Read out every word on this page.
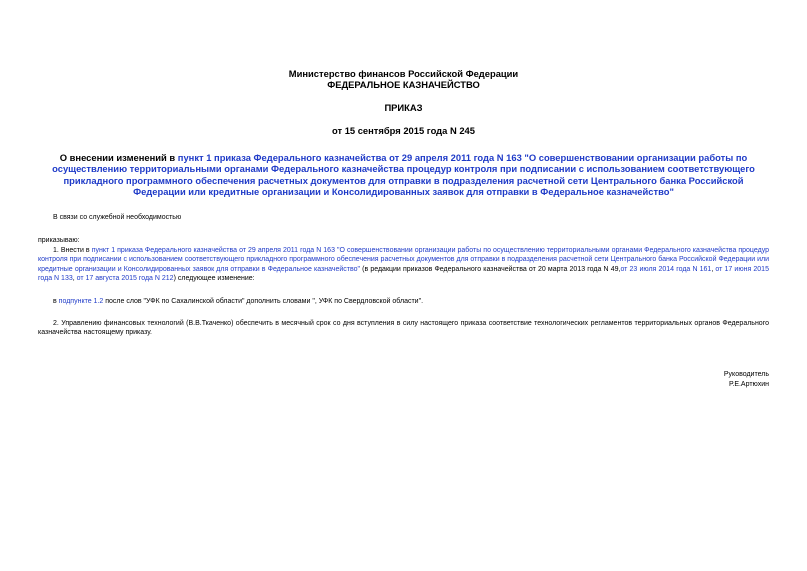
Министерство финансов Российской Федерации
ФЕДЕРАЛЬНОЕ КАЗНАЧЕЙСТВО
ПРИКАЗ
от 15 сентября 2015 года N 245
О внесении изменений в пункт 1 приказа Федерального казначейства от 29 апреля 2011 года N 163 "О совершенствовании организации работы по осуществлению территориальными органами Федерального казначейства процедур контроля при подписании с использованием соответствующего прикладного программного обеспечения расчетных документов для отправки в подразделения расчетной сети Центрального банка Российской Федерации или кредитные организации и Консолидированных заявок для отправки в Федеральное казначейство"
В связи со служебной необходимостью
приказываю:
1. Внести в пункт 1 приказа Федерального казначейства от 29 апреля 2011 года N 163 "О совершенствовании организации работы по осуществлению территориальными органами Федерального казначейства процедур контроля при подписании с использованием соответствующего прикладного программного обеспечения расчетных документов для отправки в подразделения расчетной сети Центрального банка Российской Федерации или кредитные организации и Консолидированных заявок для отправки в Федеральное казначейство" (в редакции приказов Федерального казначейства от 20 марта 2013 года N 49,от 23 июля 2014 года N 161, от 17 июня 2015 года N 133, от 17 августа 2015 года N 212) следующее изменение:
в подпункте 1.2 после слов "УФК по Сахалинской области" дополнить словами ", УФК по Свердловской области".
2. Управлению финансовых технологий (В.В.Ткаченко) обеспечить в месячный срок со дня вступления в силу настоящего приказа соответствие технологических регламентов территориальных органов Федерального казначейства настоящему приказу.
Руководитель
Р.Е.Артюхин
